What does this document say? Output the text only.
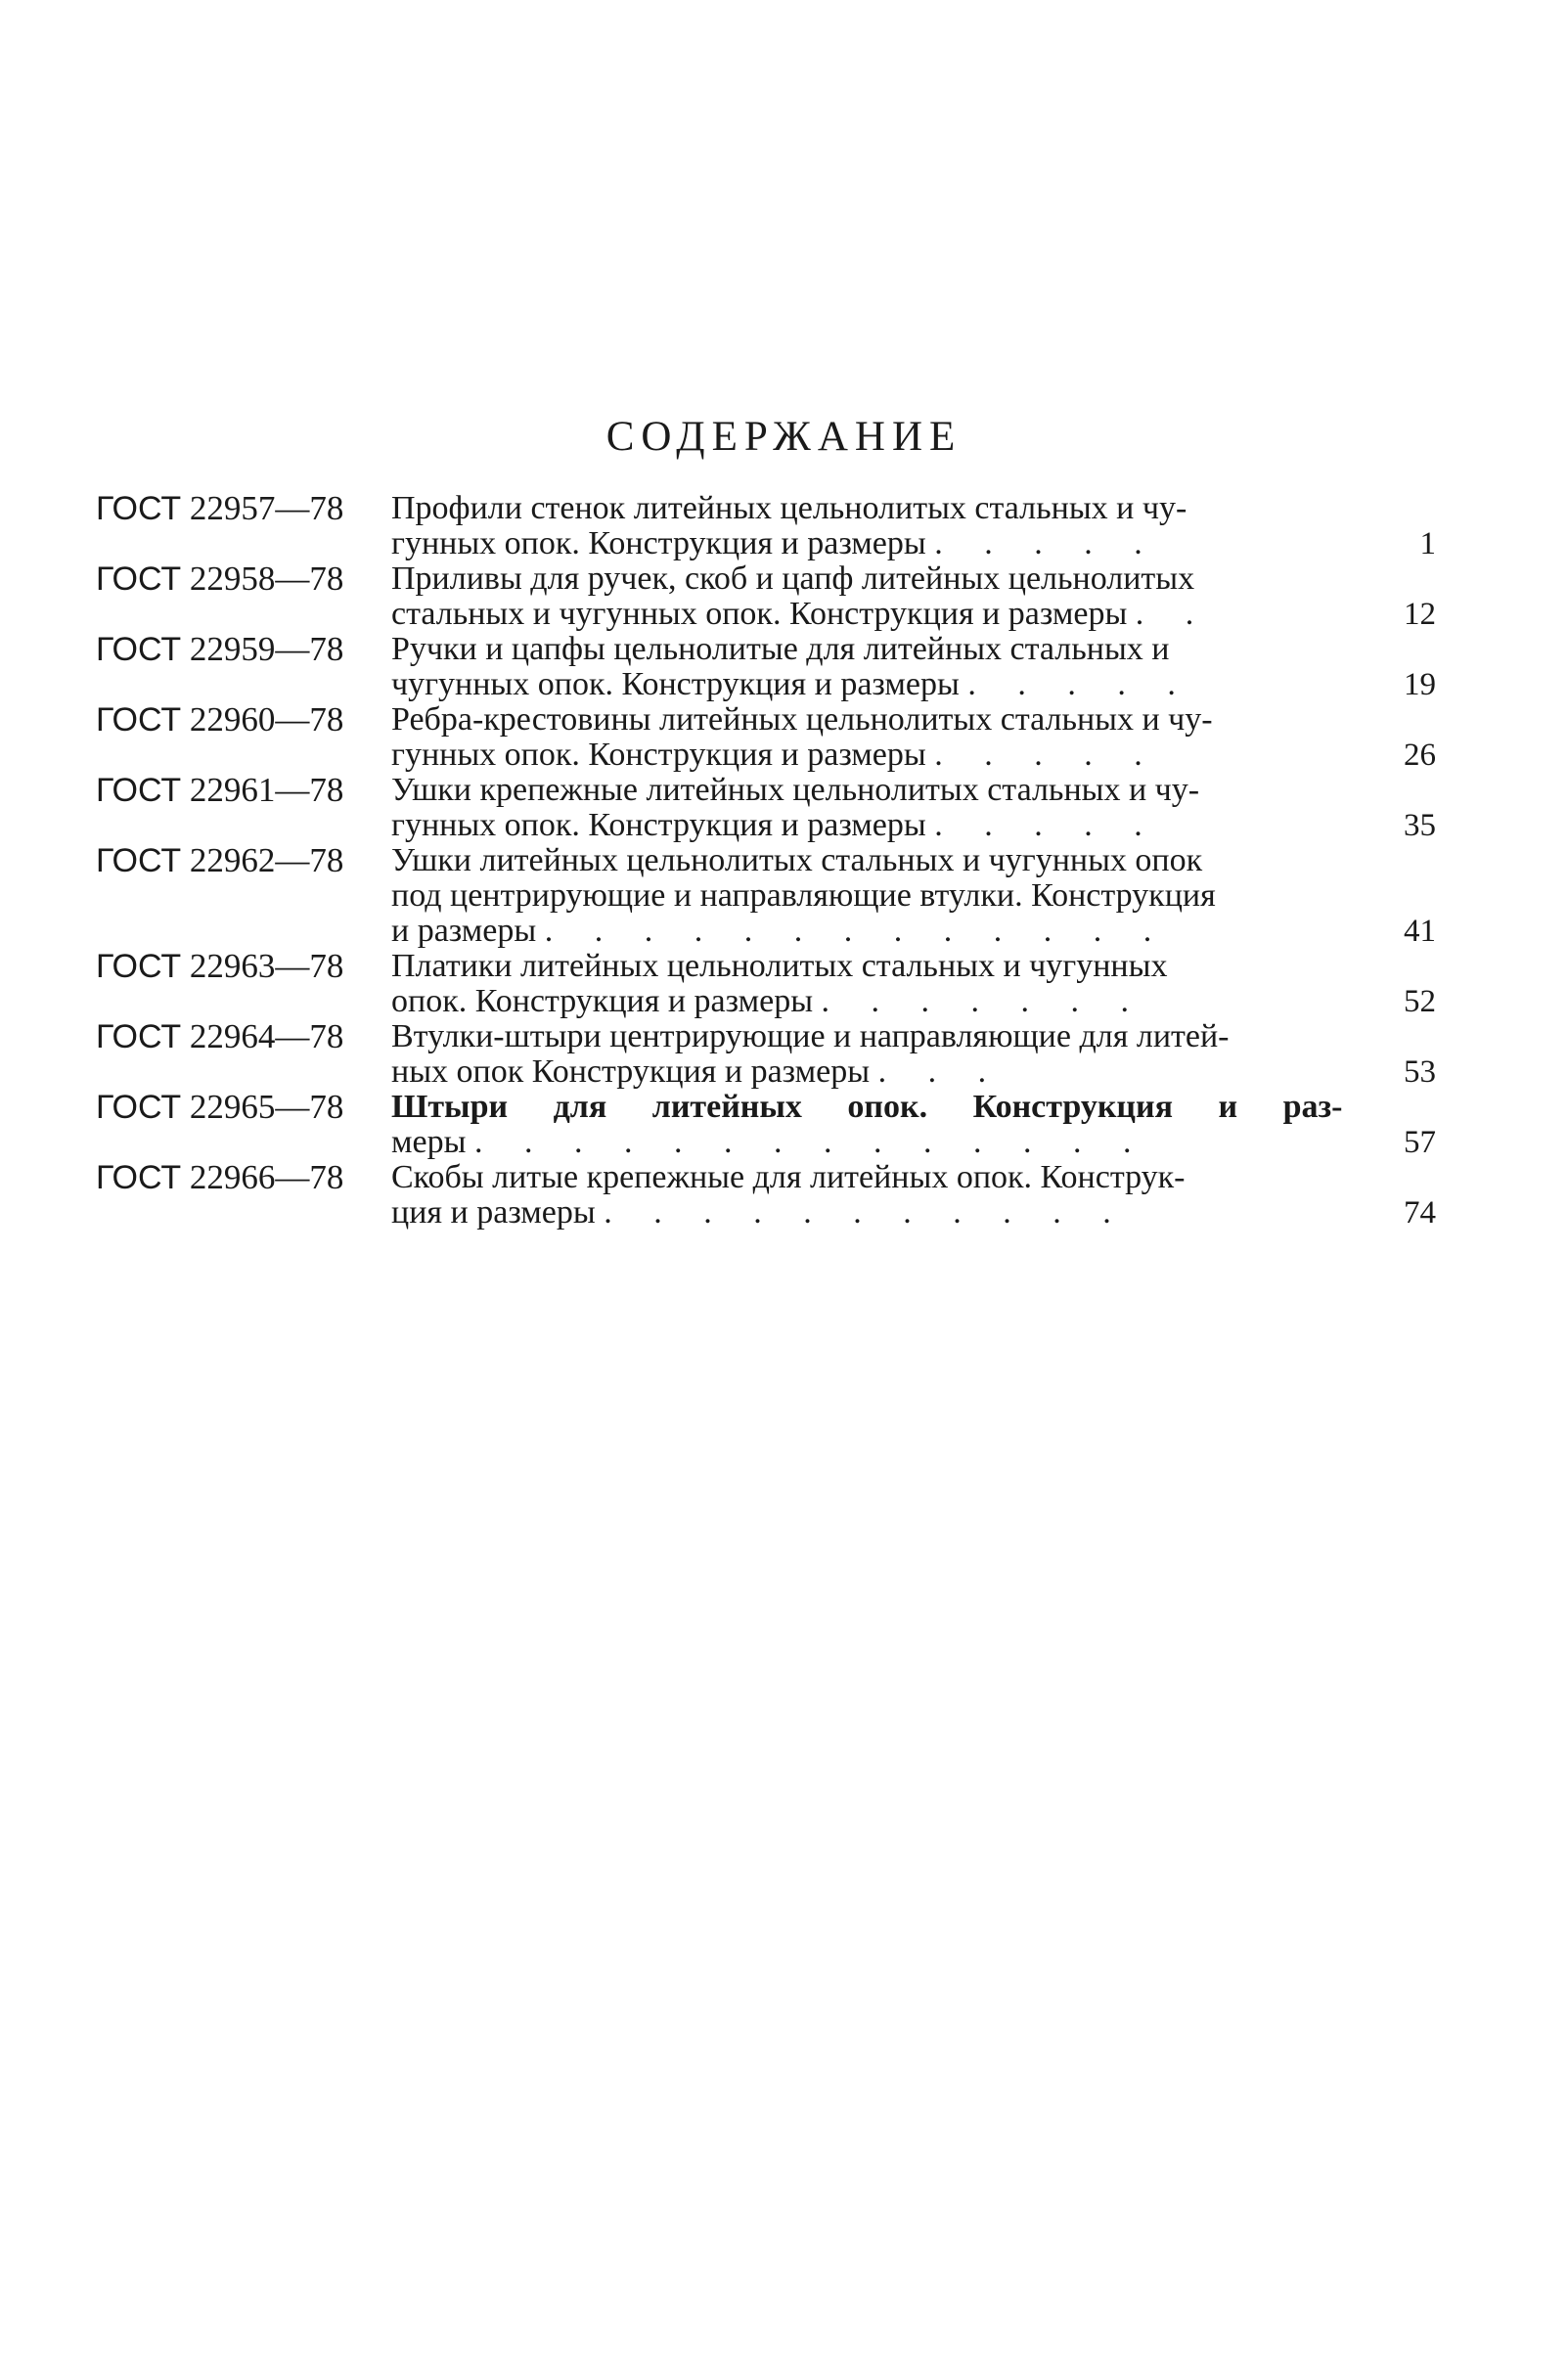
СОДЕРЖАНИЕ
ГОСТ 22957—78	Профили стенок литейных цельнолитых стальных и чу-
гунных опок. Конструкция и размеры . . . . .	1
ГОСТ 22958—78	Приливы для ручек, скоб и цапф литейных цельнолитых
стальных и чугунных опок. Конструкция и размеры . .	12
ГОСТ 22959—78	Ручки и цапфы цельнолитые для литейных стальных и
чугунных опок. Конструкция и размеры . . . . .	19
ГОСТ 22960—78	Ребра-крестовины литейных цельнолитых стальных и чу-
гунных опок. Конструкция и размеры . . . . .	26
ГОСТ 22961—78	Ушки крепежные литейных цельнолитых стальных и чу-
гунных опок. Конструкция и размеры . . . . .	35
ГОСТ 22962—78	Ушки литейных цельнолитых стальных и чугунных опок
под центрирующие и направляющие втулки. Конструкция
и размеры . . . . . . . . . . . . .	41
ГОСТ 22963—78	Платики литейных цельнолитых стальных и чугунных
опок. Конструкция и размеры . . . . . . .	52
ГОСТ 22964—78	Втулки-штыри центрирующие и направляющие для литей-
ных опок Конструкция и размеры . . .	53
ГОСТ 22965—78	Штыри для литейных опок. Конструкция и раз-
меры . . . . . . . . . . . . . .	57
ГОСТ 22966—78	Скобы литые крепежные для литейных опок. Конструк-
ция и размеры . . . . . . . . . . .	74
